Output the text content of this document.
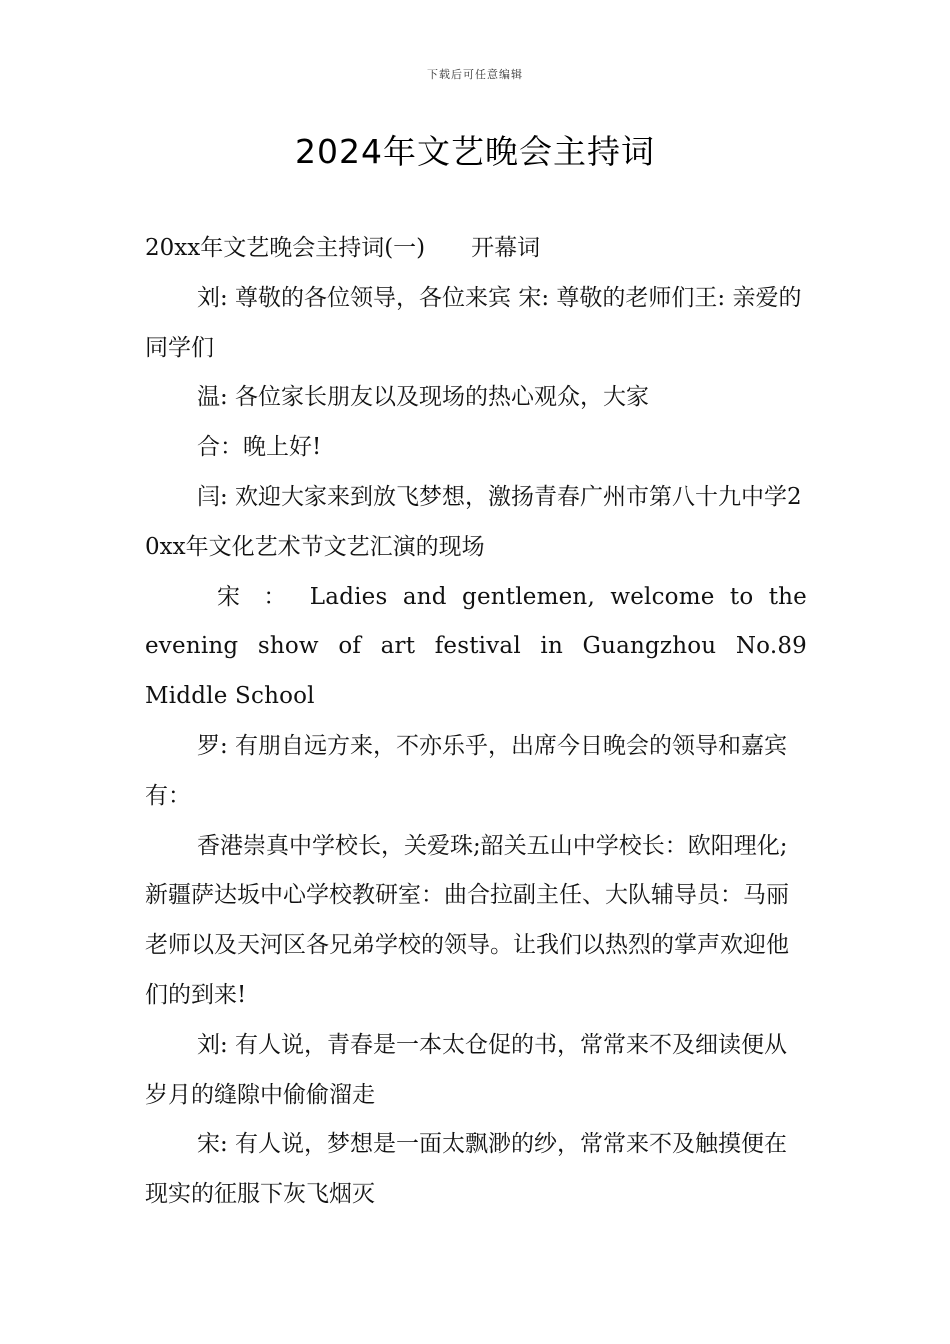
下载后可任意编辑
2024年文艺晚会主持词

20xx年文艺晚会主持词(一)　　开幕词

刘: 尊敬的各位领导，各位来宾 宋: 尊敬的老师们王: 亲爱的同学们

温: 各位家长朋友以及现场的热心观众，大家

合：晚上好!

闫: 欢迎大家来到放飞梦想，激扬青春广州市第八十九中学20xx年文化艺术节文艺汇演的现场

宋 ： Ladies and gentlemen, welcome to the evening show of art festival in Guangzhou No.89 Middle School

罗: 有朋自远方来，不亦乐乎，出席今日晚会的领导和嘉宾有：

香港崇真中学校长，关爱珠;韶关五山中学校长：欧阳理化;新疆萨达坂中心学校教研室：曲合拉副主任、大队辅导员：马丽老师以及天河区各兄弟学校的领导。让我们以热烈的掌声欢迎他们的到来!

刘: 有人说，青春是一本太仓促的书，常常来不及细读便从岁月的缝隙中偷偷溜走

宋: 有人说，梦想是一面太飘渺的纱，常常来不及触摸便在现实的征服下灰飞烟灭
